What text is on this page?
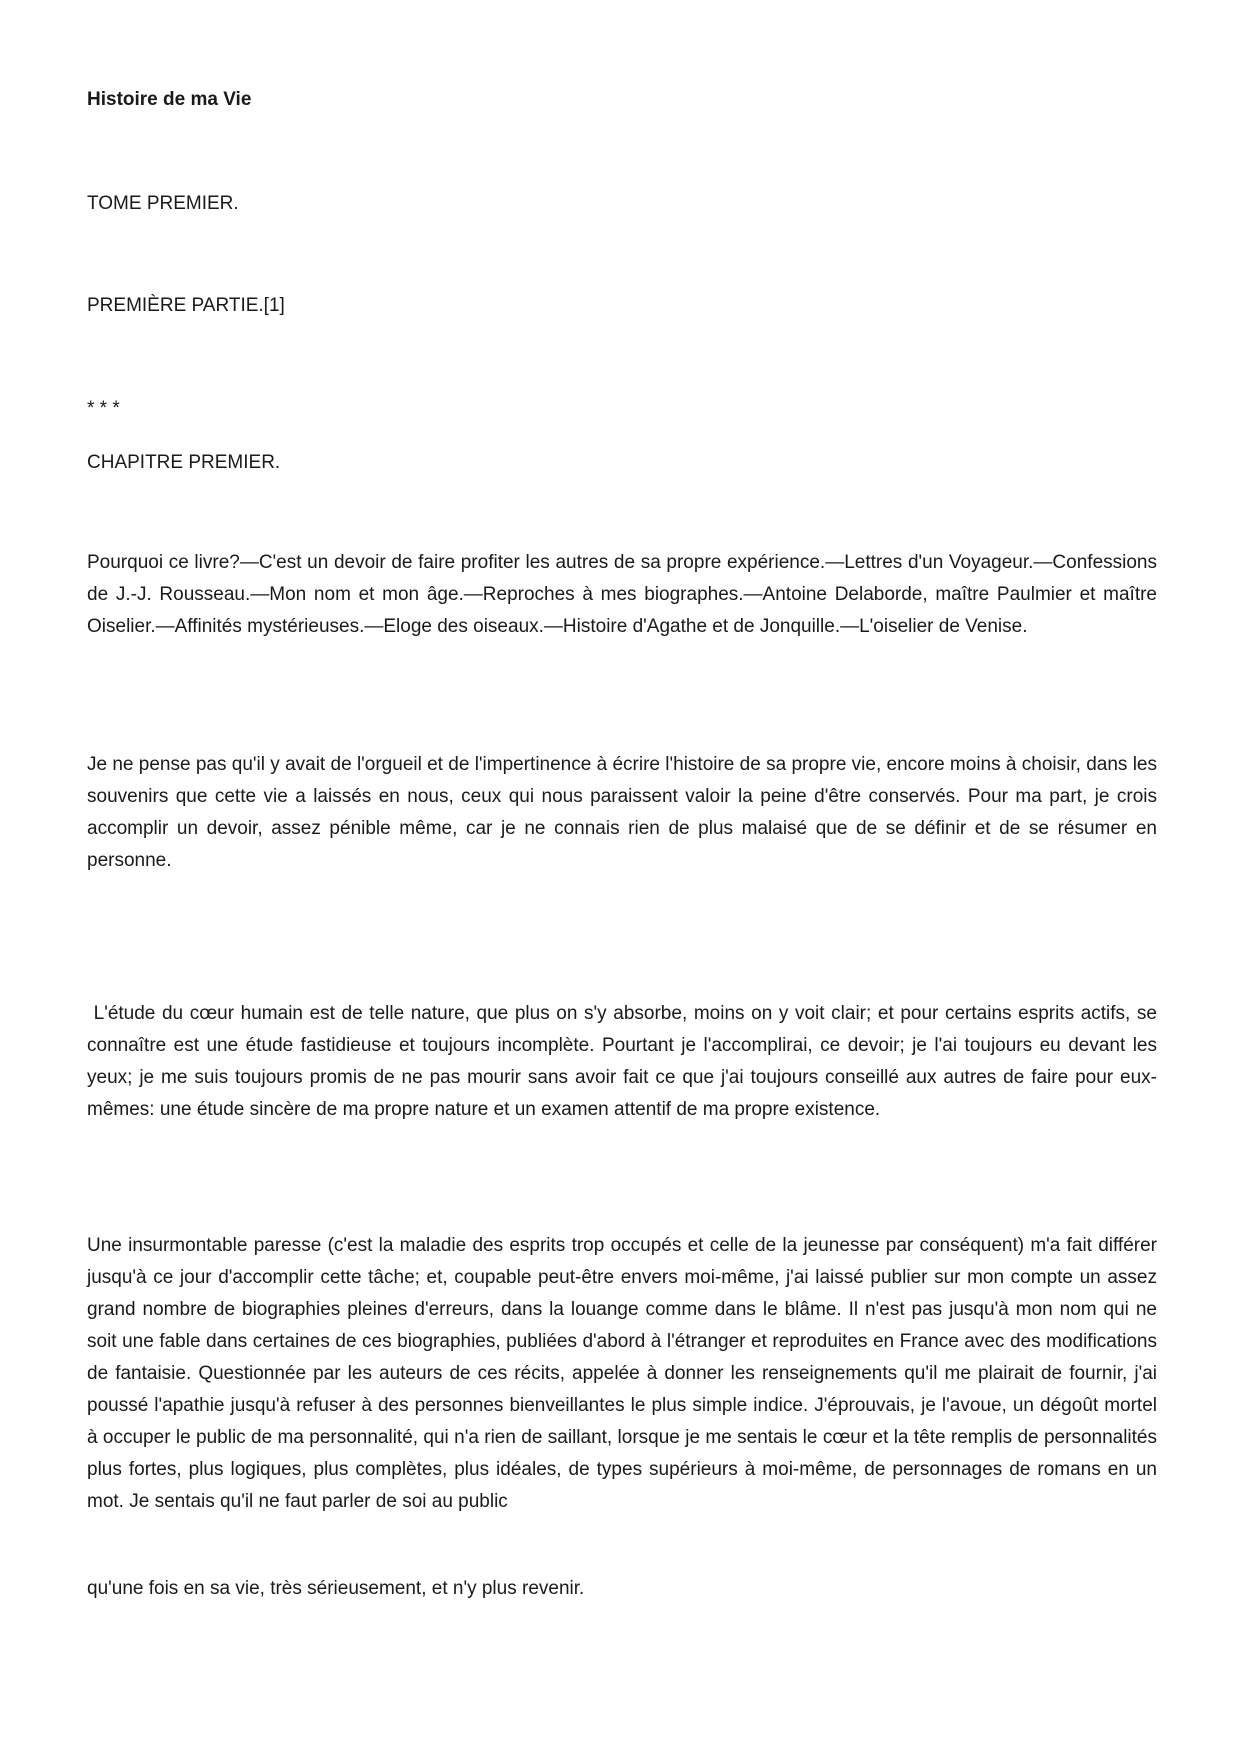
Histoire de ma Vie

TOME PREMIER.

PREMIÈRE PARTIE.[1]

* * *

CHAPITRE PREMIER.

Pourquoi ce livre?—C'est un devoir de faire profiter les autres de sa propre expérience.—Lettres d'un Voyageur.—Confessions de J.-J. Rousseau.—Mon nom et mon âge.—Reproches à mes biographes.—Antoine Delaborde, maître Paulmier et maître Oiselier.—Affinités mystérieuses.—Eloge des oiseaux.—Histoire d'Agathe et de Jonquille.—L'oiselier de Venise.

Je ne pense pas qu'il y avait de l'orgueil et de l'impertinence à écrire l'histoire de sa propre vie, encore moins à choisir, dans les souvenirs que cette vie a laissés en nous, ceux qui nous paraissent valoir la peine d'être conservés. Pour ma part, je crois accomplir un devoir, assez pénible même, car je ne connais rien de plus malaisé que de se définir et de se résumer en personne.

L'étude du cœur humain est de telle nature, que plus on s'y absorbe, moins on y voit clair; et pour certains esprits actifs, se connaître est une étude fastidieuse et toujours incomplète. Pourtant je l'accomplirai, ce devoir; je l'ai toujours eu devant les yeux; je me suis toujours promis de ne pas mourir sans avoir fait ce que j'ai toujours conseillé aux autres de faire pour eux-mêmes: une étude sincère de ma propre nature et un examen attentif de ma propre existence.

Une insurmontable paresse (c'est la maladie des esprits trop occupés et celle de la jeunesse par conséquent) m'a fait différer jusqu'à ce jour d'accomplir cette tâche; et, coupable peut-être envers moi-même, j'ai laissé publier sur mon compte un assez grand nombre de biographies pleines d'erreurs, dans la louange comme dans le blâme. Il n'est pas jusqu'à mon nom qui ne soit une fable dans certaines de ces biographies, publiées d'abord à l'étranger et reproduites en France avec des modifications de fantaisie. Questionnée par les auteurs de ces récits, appelée à donner les renseignements qu'il me plairait de fournir, j'ai poussé l'apathie jusqu'à refuser à des personnes bienveillantes le plus simple indice. J'éprouvais, je l'avoue, un dégoût mortel à occuper le public de ma personnalité, qui n'a rien de saillant, lorsque je me sentais le cœur et la tête remplis de personnalités plus fortes, plus logiques, plus complètes, plus idéales, de types supérieurs à moi-même, de personnages de romans en un mot. Je sentais qu'il ne faut parler de soi au public

qu'une fois en sa vie, très sérieusement, et n'y plus revenir.
